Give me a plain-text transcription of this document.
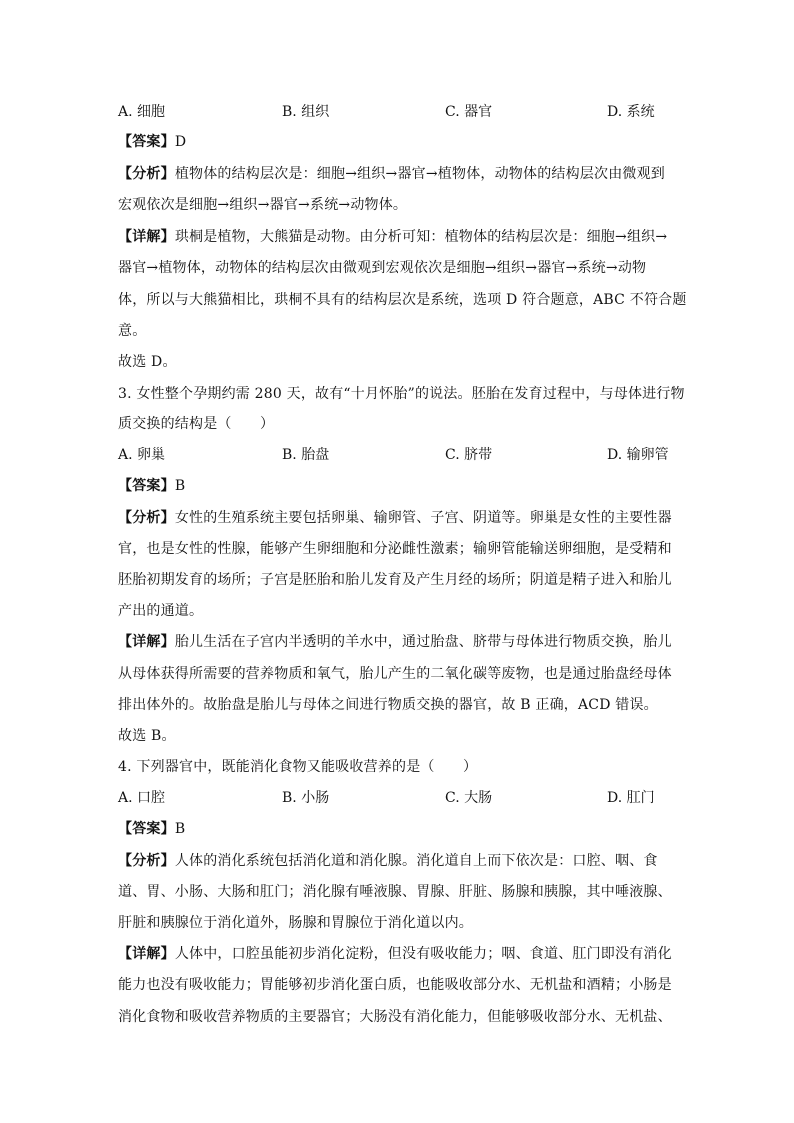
A. 细胞	B. 组织	C. 器官	D. 系统
【答案】D
【分析】植物体的结构层次是：细胞→组织→器官→植物体，动物体的结构层次由微观到
宏观依次是细胞→组织→器官→系统→动物体。
【详解】珙桐是植物，大熊猫是动物。由分析可知：植物体的结构层次是：细胞→组织→
器官→植物体，动物体的结构层次由微观到宏观依次是细胞→组织→器官→系统→动物
体，所以与大熊猫相比，珙桐不具有的结构层次是系统，选项 D 符合题意，ABC 不符合题
意。
故选 D。
3. 女性整个孕期约需 280 天，故有“十月怀胎”的说法。胚胎在发育过程中，与母体进行物
质交换的结构是（　　）
A. 卵巢	B. 胎盘	C. 脐带	D. 输卵管
【答案】B
【分析】女性的生殖系统主要包括卵巢、输卵管、子宫、阴道等。卵巢是女性的主要性器
官，也是女性的性腺，能够产生卵细胞和分泌雌性激素；输卵管能输送卵细胞，是受精和
胚胎初期发育的场所；子宫是胚胎和胎儿发育及产生月经的场所；阴道是精子进入和胎儿
产出的通道。
【详解】胎儿生活在子宫内半透明的羊水中，通过胎盘、脐带与母体进行物质交换，胎儿
从母体获得所需要的营养物质和氧气，胎儿产生的二氧化碳等废物，也是通过胎盘经母体
排出体外的。故胎盘是胎儿与母体之间进行物质交换的器官，故 B 正确，ACD 错误。
故选 B。
4. 下列器官中，既能消化食物又能吸收营养的是（　　）
A. 口腔	B. 小肠	C. 大肠	D. 肛门
【答案】B
【分析】人体的消化系统包括消化道和消化腺。消化道自上而下依次是：口腔、咽、食
道、胃、小肠、大肠和肛门；消化腺有唾液腺、胃腺、肝脏、肠腺和胰腺，其中唾液腺、
肝脏和胰腺位于消化道外，肠腺和胃腺位于消化道以内。
【详解】人体中，口腔虽能初步消化淀粉，但没有吸收能力；咽、食道、肛门即没有消化
能力也没有吸收能力；胃能够初步消化蛋白质，也能吸收部分水、无机盐和酒精；小肠是
消化食物和吸收营养物质的主要器官；大肠没有消化能力，但能够吸收部分水、无机盐、
